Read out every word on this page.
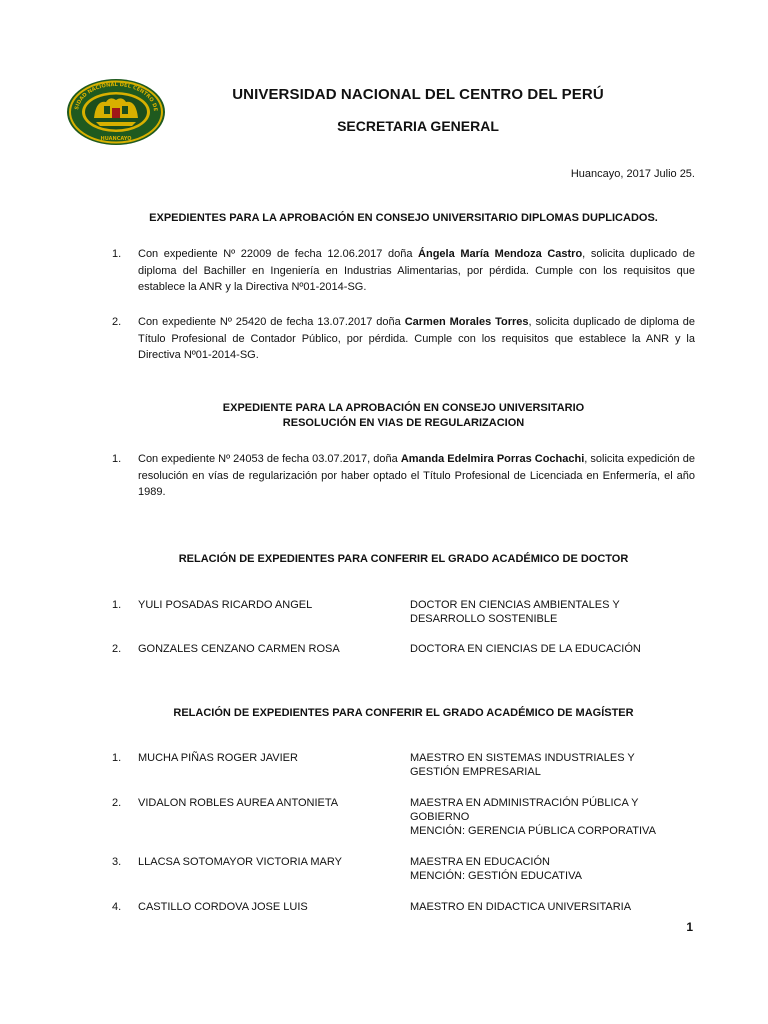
SIDAD NACIONAL DEL CENTRO DE
HUANCAYO
UNIVERSIDAD NACIONAL DEL CENTRO DEL PERÚ
SECRETARIA GENERAL
Huancayo, 2017 Julio 25.
EXPEDIENTES PARA LA APROBACIÓN EN CONSEJO UNIVERSITARIO DIPLOMAS DUPLICADOS.
1.	Con expediente Nº 22009 de fecha 12.06.2017 doña Ángela María Mendoza Castro, solicita duplicado de diploma del Bachiller en Ingeniería en Industrias Alimentarias, por pérdida. Cumple con los requisitos que establece la ANR y la Directiva Nº01-2014-SG.
2.	Con expediente Nº 25420 de fecha 13.07.2017 doña Carmen Morales Torres, solicita duplicado de diploma de Título Profesional de Contador Público, por pérdida. Cumple con los requisitos que establece la ANR y la Directiva Nº01-2014-SG.
EXPEDIENTE PARA LA APROBACIÓN EN CONSEJO UNIVERSITARIO
RESOLUCIÓN EN VIAS DE REGULARIZACION
1.	Con expediente Nº 24053 de fecha 03.07.2017, doña Amanda Edelmira Porras Cochachi, solicita expedición de resolución en vías de regularización por haber optado el Título Profesional de Licenciada en Enfermería, el año 1989.
RELACIÓN DE EXPEDIENTES PARA CONFERIR EL GRADO ACADÉMICO DE DOCTOR
1. YULI POSADAS RICARDO ANGEL	DOCTOR EN CIENCIAS AMBIENTALES Y
DESARROLLO SOSTENIBLE
2. GONZALES CENZANO CARMEN ROSA	DOCTORA EN CIENCIAS DE LA EDUCACIÓN
RELACIÓN DE EXPEDIENTES PARA CONFERIR EL GRADO ACADÉMICO DE MAGÍSTER
1. MUCHA PIÑAS ROGER JAVIER	MAESTRO EN SISTEMAS INDUSTRIALES Y
GESTIÓN EMPRESARIAL
2. VIDALON ROBLES AUREA ANTONIETA	MAESTRA EN ADMINISTRACIÓN PÚBLICA Y
GOBIERNO
MENCIÓN: GERENCIA PÚBLICA CORPORATIVA
3. LLACSA SOTOMAYOR VICTORIA MARY	MAESTRA EN EDUCACIÓN
MENCIÓN: GESTIÓN EDUCATIVA
4. CASTILLO CORDOVA JOSE LUIS	MAESTRO EN DIDACTICA UNIVERSITARIA
1
